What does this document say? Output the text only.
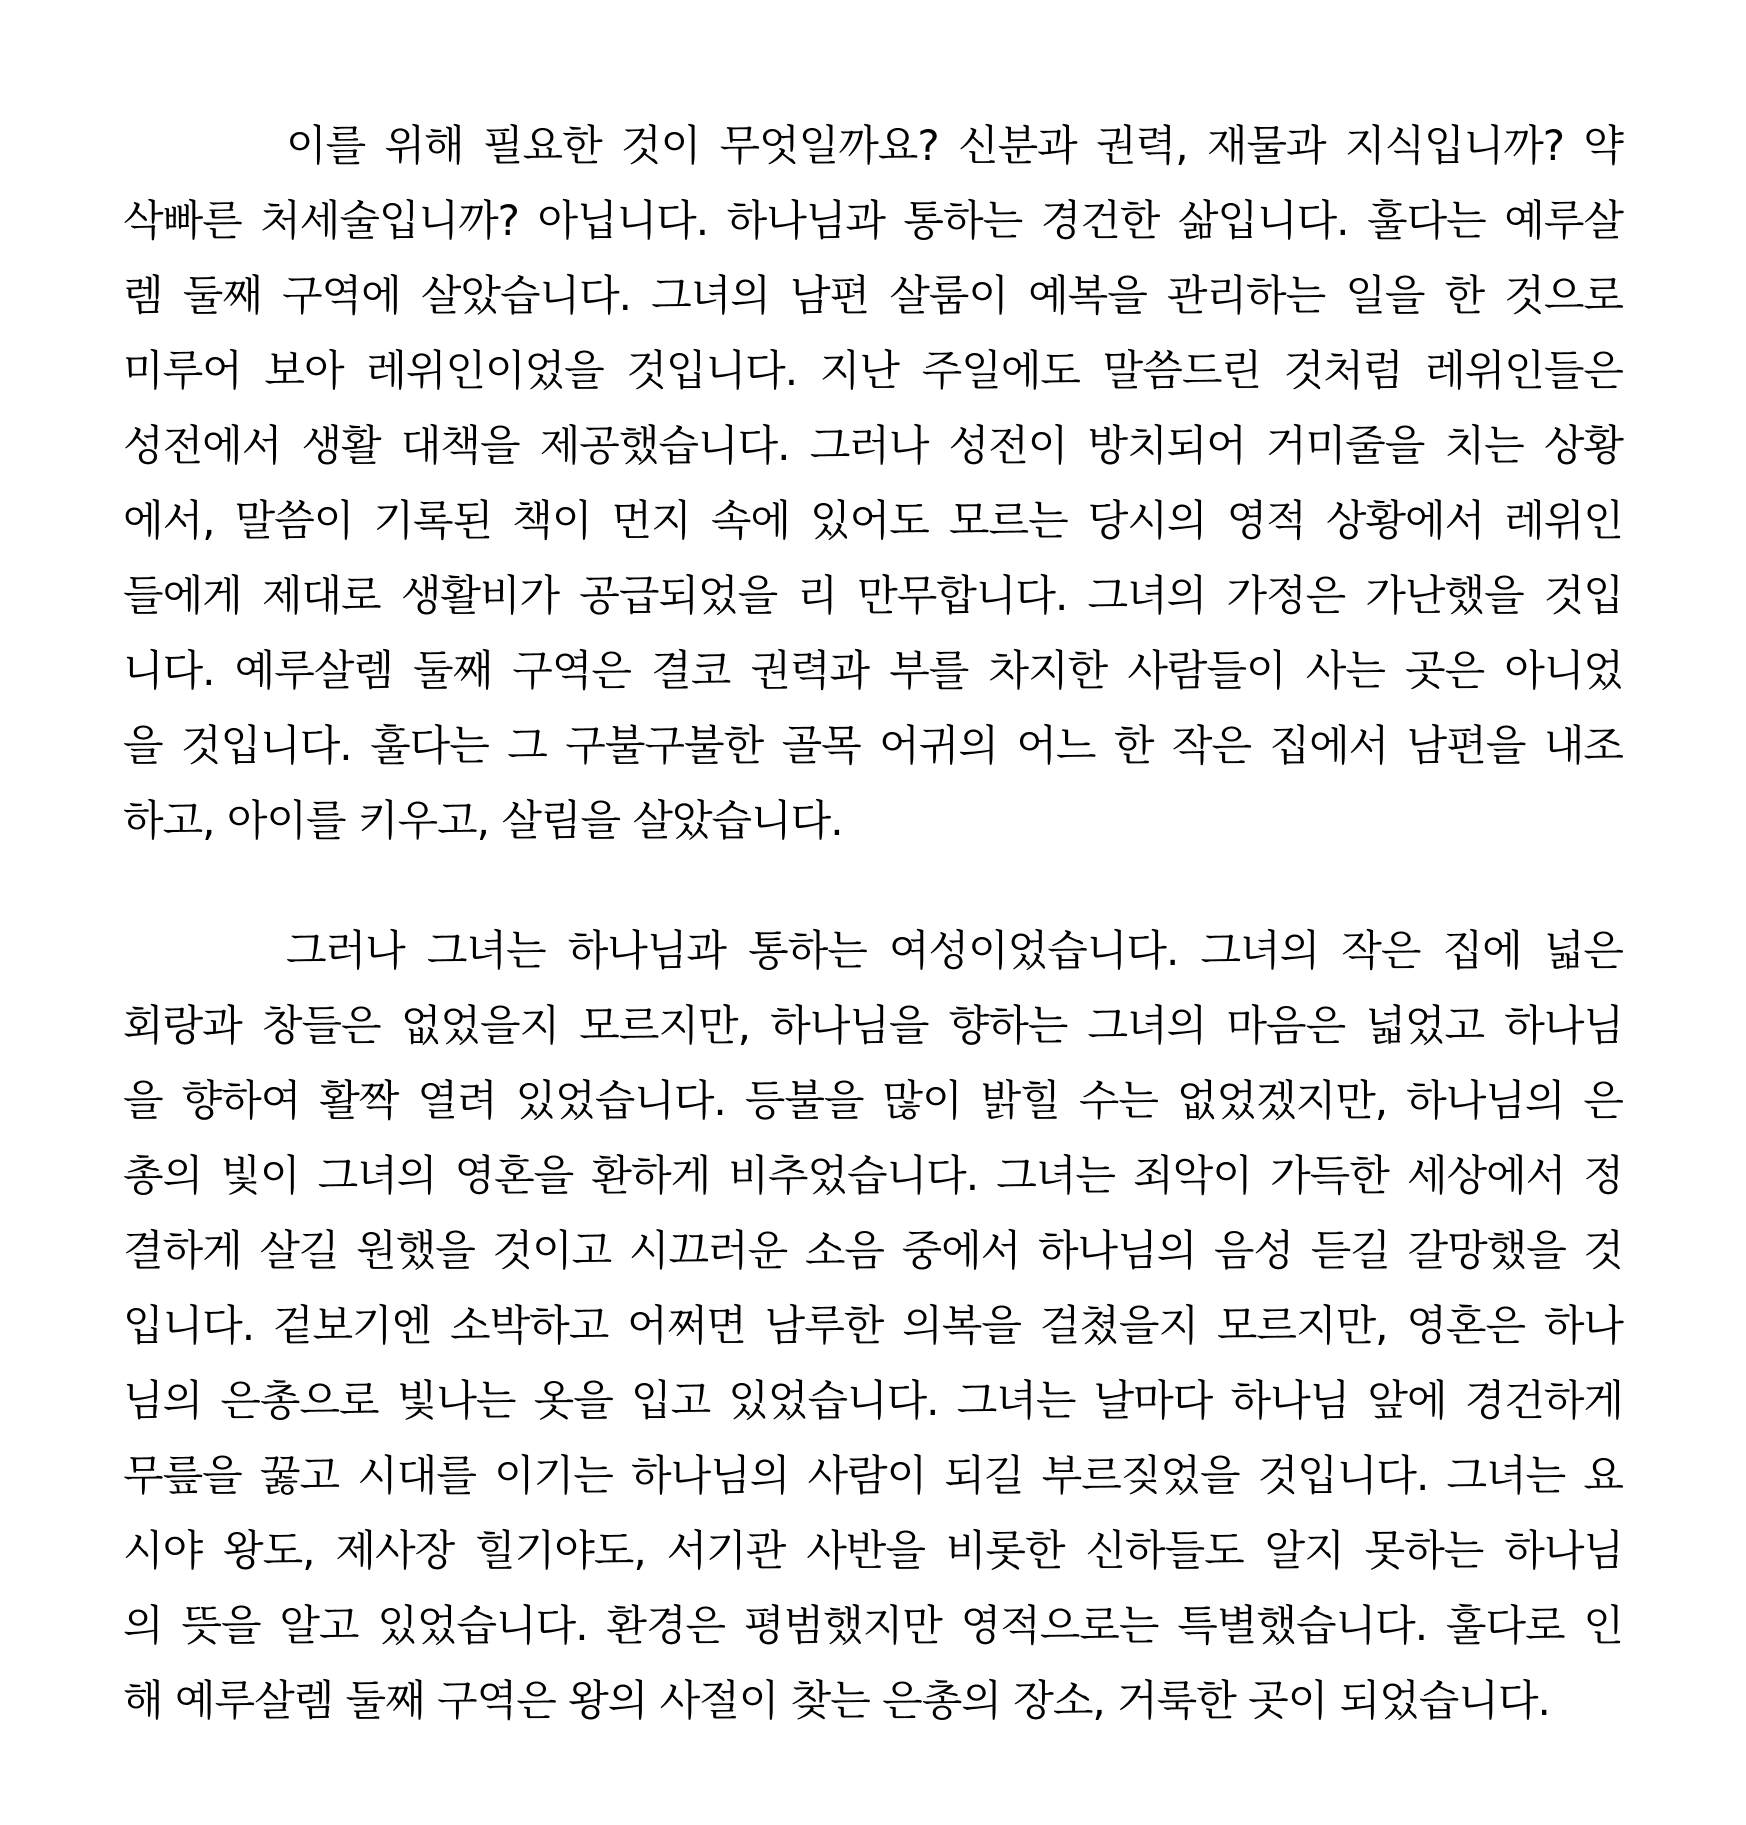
이를 위해 필요한 것이 무엇일까요? 신분과 권력, 재물과 지식입니까? 약
삭빠른 처세술입니까? 아닙니다. 하나님과 통하는 경건한 삶입니다. 훌다는 예루살
렘 둘째 구역에 살았습니다. 그녀의 남편 살룸이 예복을 관리하는 일을 한 것으로
미루어 보아 레위인이었을 것입니다. 지난 주일에도 말씀드린 것처럼 레위인들은
성전에서 생활 대책을 제공했습니다. 그러나 성전이 방치되어 거미줄을 치는 상황
에서, 말씀이 기록된 책이 먼지 속에 있어도 모르는 당시의 영적 상황에서 레위인
들에게 제대로 생활비가 공급되었을 리 만무합니다. 그녀의 가정은 가난했을 것입
니다. 예루살렘 둘째 구역은 결코 권력과 부를 차지한 사람들이 사는 곳은 아니었
을 것입니다. 훌다는 그 구불구불한 골목 어귀의 어느 한 작은 집에서 남편을 내조
하고, 아이를 키우고, 살림을 살았습니다.
그러나 그녀는 하나님과 통하는 여성이었습니다. 그녀의 작은 집에 넓은
회랑과 창들은 없었을지 모르지만, 하나님을 향하는 그녀의 마음은 넓었고 하나님
을 향하여 활짝 열려 있었습니다. 등불을 많이 밝힐 수는 없었겠지만, 하나님의 은
총의 빛이 그녀의 영혼을 환하게 비추었습니다. 그녀는 죄악이 가득한 세상에서 정
결하게 살길 원했을 것이고 시끄러운 소음 중에서 하나님의 음성 듣길 갈망했을 것
입니다. 겉보기엔 소박하고 어쩌면 남루한 의복을 걸쳤을지 모르지만, 영혼은 하나
님의 은총으로 빛나는 옷을 입고 있었습니다. 그녀는 날마다 하나님 앞에 경건하게
무릎을 꿇고 시대를 이기는 하나님의 사람이 되길 부르짖었을 것입니다. 그녀는 요
시야 왕도, 제사장 힐기야도, 서기관 사반을 비롯한 신하들도 알지 못하는 하나님
의 뜻을 알고 있었습니다. 환경은 평범했지만 영적으로는 특별했습니다. 훌다로 인
해 예루살렘 둘째 구역은 왕의 사절이 찾는 은총의 장소, 거룩한 곳이 되었습니다.
